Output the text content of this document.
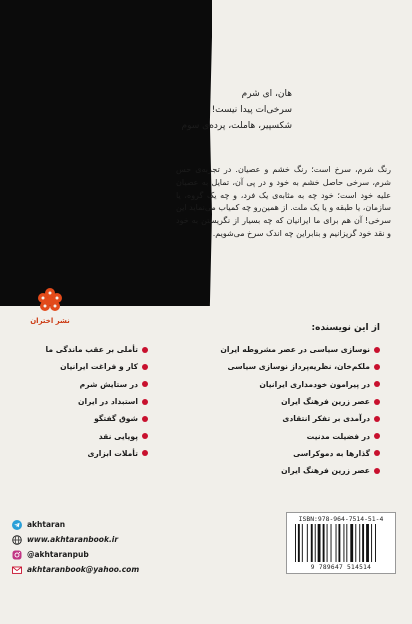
هان، ای شرم
سرخی‌ات پیدا نیست!
شکسپیر، هاملت، پرده‌ی سوم
رنگ شرم، سرخ است؛ رنگ خشم و عصیان. در تجربه‌ی حس شرم، سرخی حاصل خشم به خود و در پی آن، تمایل به عصیان علیه خود است؛ خود چه به مثابه‌ی یک فرد، و چه یک گروه، یا سازمان، یا طبقه و یا یک ملت. از همین‌رو چه کمیاب می‌نماید این سرخی! آن هم برای ما ایرانیان که چه بسیار از نگریستن به خود و نقد خود گریزانیم و بنابراین چه اندک سرخ می‌شویم.
نشر اختران
از این نویسنده:
نوسازی سیاسی در عصر مشروطه ایران
ملکم‌خان، نظریه‌پرداز نوسازی سیاسی
در پیرامون خودمداری ایرانیان
عصر زرین فرهنگ ایران
درآمدی بر تفکر انتقادی
در فضیلت مدنیت
گذارها به دموکراسی
عصر زرین فرهنگ ایران
تأملی بر عقب ماندگی ما
کار و فراغت ایرانیان
در ستایش شرم
استبداد در ایران
شوق گفتگو
پویایی نقد
تأملات ابزاری
akhtaran
www.akhtaranbook.ir
@akhtaranpub
akhtaranbook@yahoo.com
ISBN:978-964-7514-51-4
9 789647 514514
